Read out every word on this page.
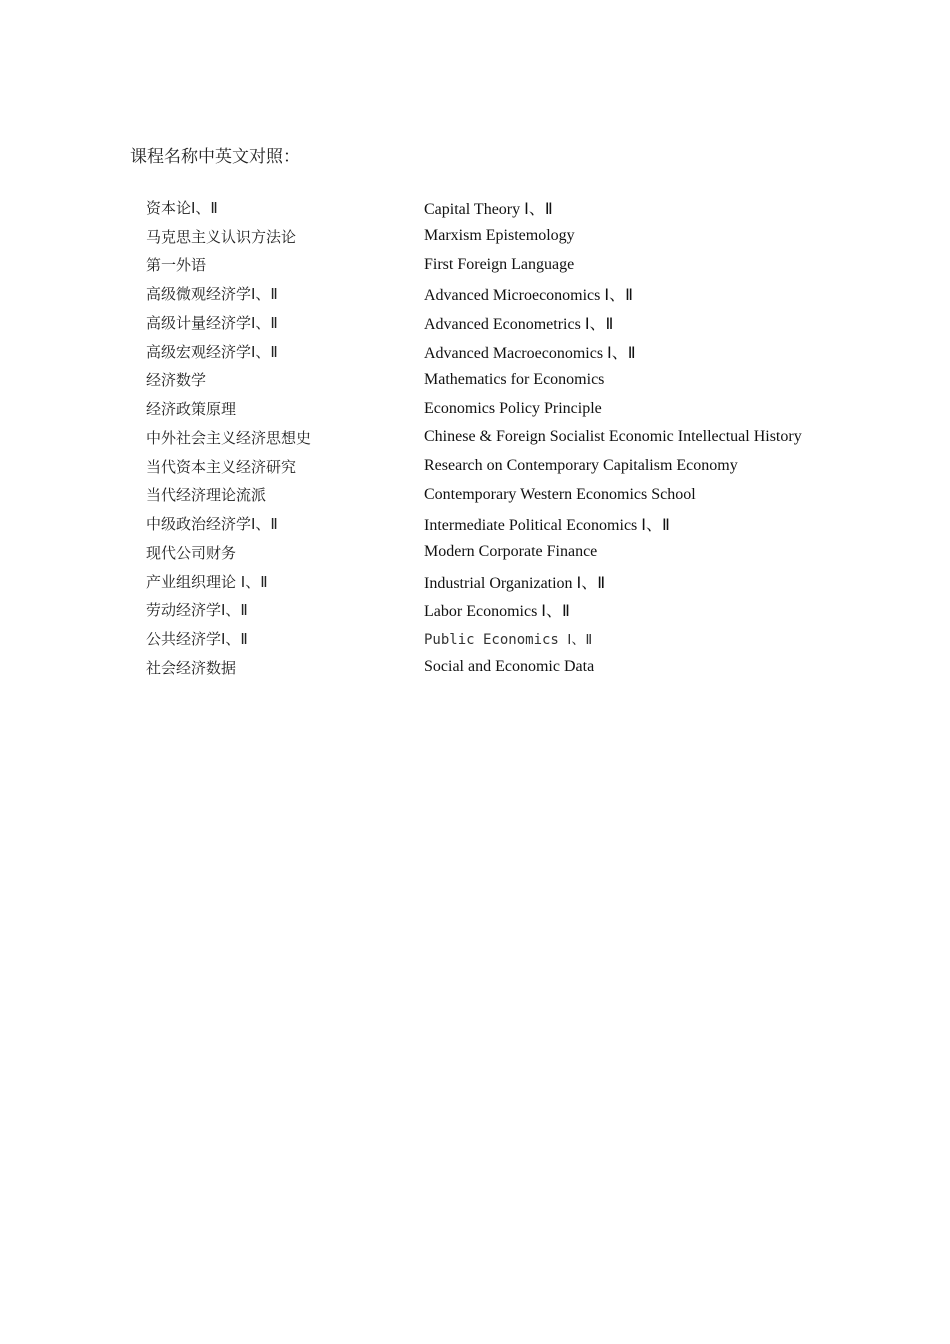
课程名称中英文对照：
资本论Ⅰ、Ⅱ	Capital Theory Ⅰ、Ⅱ
马克思主义认识方法论	Marxism Epistemology
第一外语	First Foreign Language
高级微观经济学Ⅰ、Ⅱ	Advanced Microeconomics Ⅰ、Ⅱ
高级计量经济学Ⅰ、Ⅱ	Advanced Econometrics Ⅰ、Ⅱ
高级宏观经济学Ⅰ、Ⅱ	Advanced Macroeconomics Ⅰ、Ⅱ
经济数学	Mathematics for Economics
经济政策原理	Economics Policy Principle
中外社会主义经济思想史	Chinese & Foreign Socialist Economic Intellectual History
当代资本主义经济研究	Research on Contemporary Capitalism Economy
当代经济理论流派	Contemporary Western Economics School
中级政治经济学Ⅰ、Ⅱ	Intermediate Political Economics Ⅰ、Ⅱ
现代公司财务	Modern Corporate Finance
产业组织理论 Ⅰ、Ⅱ	Industrial Organization Ⅰ、Ⅱ
劳动经济学Ⅰ、Ⅱ	Labor Economics Ⅰ、Ⅱ
公共经济学Ⅰ、Ⅱ	Public Economics Ⅰ、Ⅱ
社会经济数据	Social and Economic Data
